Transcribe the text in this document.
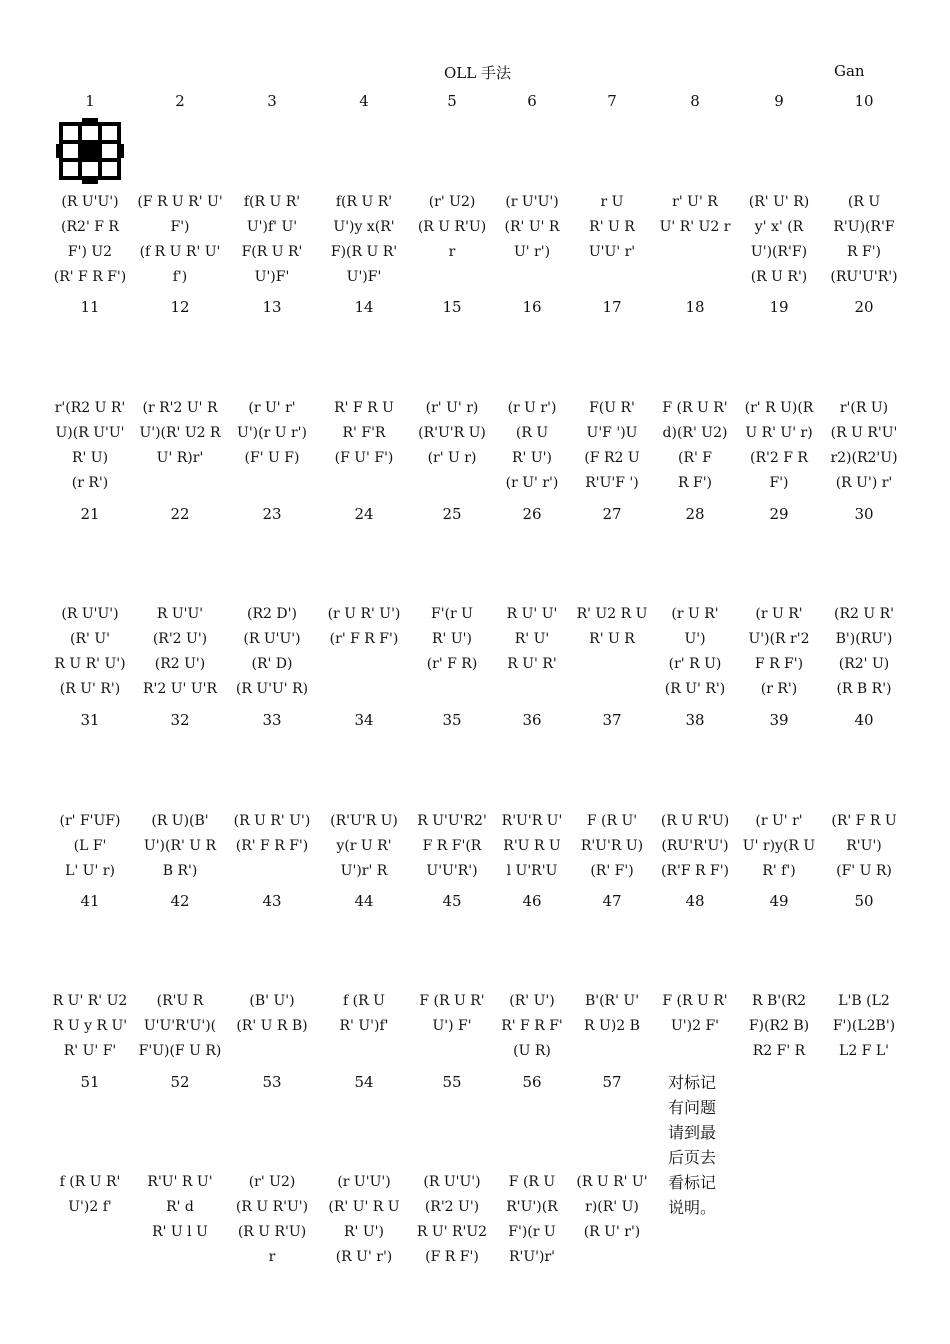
OLL 手法	Gan
1
(R U'U')
(R2' F R
F') U2
(R' F R F')
2
(F R U R' U'
F')
(f R U R' U'
f')
3
f(R U R'
U')f' U'
F(R U R'
U')F'
4
f(R U R'
U')y x(R'
F)(R U R'
U')F'
5
(r' U2)
(R U R'U)
r
6
(r U'U')
(R' U' R
U' r')
7
r U
R' U R
U'U' r'
8
r' U' R
U' R' U2 r
9
(R' U' R)
y' x' (R
U')(R'F)
(R U R')
10
(R U
R'U)(R'F
R F')
(RU'U'R')
11
r'(R2 U R'
U)(R U'U'
R' U)
(r R')
12
(r R'2 U' R
U')(R' U2 R
U' R)r'
13
(r U' r'
U')(r U r')
(F' U F)
14
R' F R U
R' F'R
(F U' F')
15
(r' U' r)
(R'U'R U)
(r' U r)
16
(r U r')
(R U
R' U')
(r U' r')
17
F(U R'
U'F ')U
(F R2 U
R'U'F ')
18
F (R U R'
d)(R' U2)
(R' F
R F')
19
(r' R U)(R
U R' U' r)
(R'2 F R
F')
20
r'(R U)
(R U R'U'
r2)(R2'U)
(R U') r'
21
(R U'U')
(R' U'
R U R' U')
(R U' R')
22
R U'U'
(R'2 U')
(R2 U')
R'2 U' U'R
23
(R2 D')
(R U'U')
(R' D)
(R U'U' R)
24
(r U R' U')
(r' F R F')
25
F'(r U
R' U')
(r' F R)
26
R U' U'
R' U'
R U' R'
27
R' U2 R U
R' U R
28
(r U R'
U')
(r' R U)
(R U' R')
29
(r U R'
U')(R r'2
F R F')
(r R')
30
(R2 U R'
B')(RU')
(R2' U)
(R B R')
31
(r' F'UF)
(L F'
L' U' r)
32
(R U)(B'
U')(R' U R
B R')
33
(R U R' U')
(R' F R F')
34
(R'U'R U)
y(r U R'
U')r' R
35
R U'U'R2'
F R F'(R
U'U'R')
36
R'U'R U'
R'U R U
l U'R'U
37
F (R U'
R'U'R U)
(R' F')
38
(R U R'U)
(RU'R'U')
(R'F R F')
39
(r U' r'
U' r)y(R U
R' f')
40
(R' F R U
R'U')
(F' U R)
41
R U' R' U2
R U y R U'
R' U' F'
42
(R'U R
U'U'R'U')(
F'U)(F U R)
43
(B' U')
(R' U R B)
44
f (R U
R' U')f'
45
F (R U R'
U') F'
46
(R' U')
R' F R F'
(U R)
47
B'(R' U'
R U)2 B
48
F (R U R'
U')2 F'
49
R B'(R2
F)(R2 B)
R2 F' R
50
L'B (L2
F')(L2B')
L2 F L'
51
f (R U R'
U')2 f'
52
R'U' R U'
R' d
R' U l U
53
(r' U2)
(R U R'U')
(R U R'U)
r
54
(r U'U')
(R' U' R U
R' U')
(R U' r')
55
(R U'U')
(R'2 U')
R U' R'U2
(F R F')
56
F (R U
R'U')(R
F')(r U
R'U')r'
57
(R U R' U'
r)(R' U)
(R U' r')
对标记
有问题
请到最
后页去
看标记
说明。
